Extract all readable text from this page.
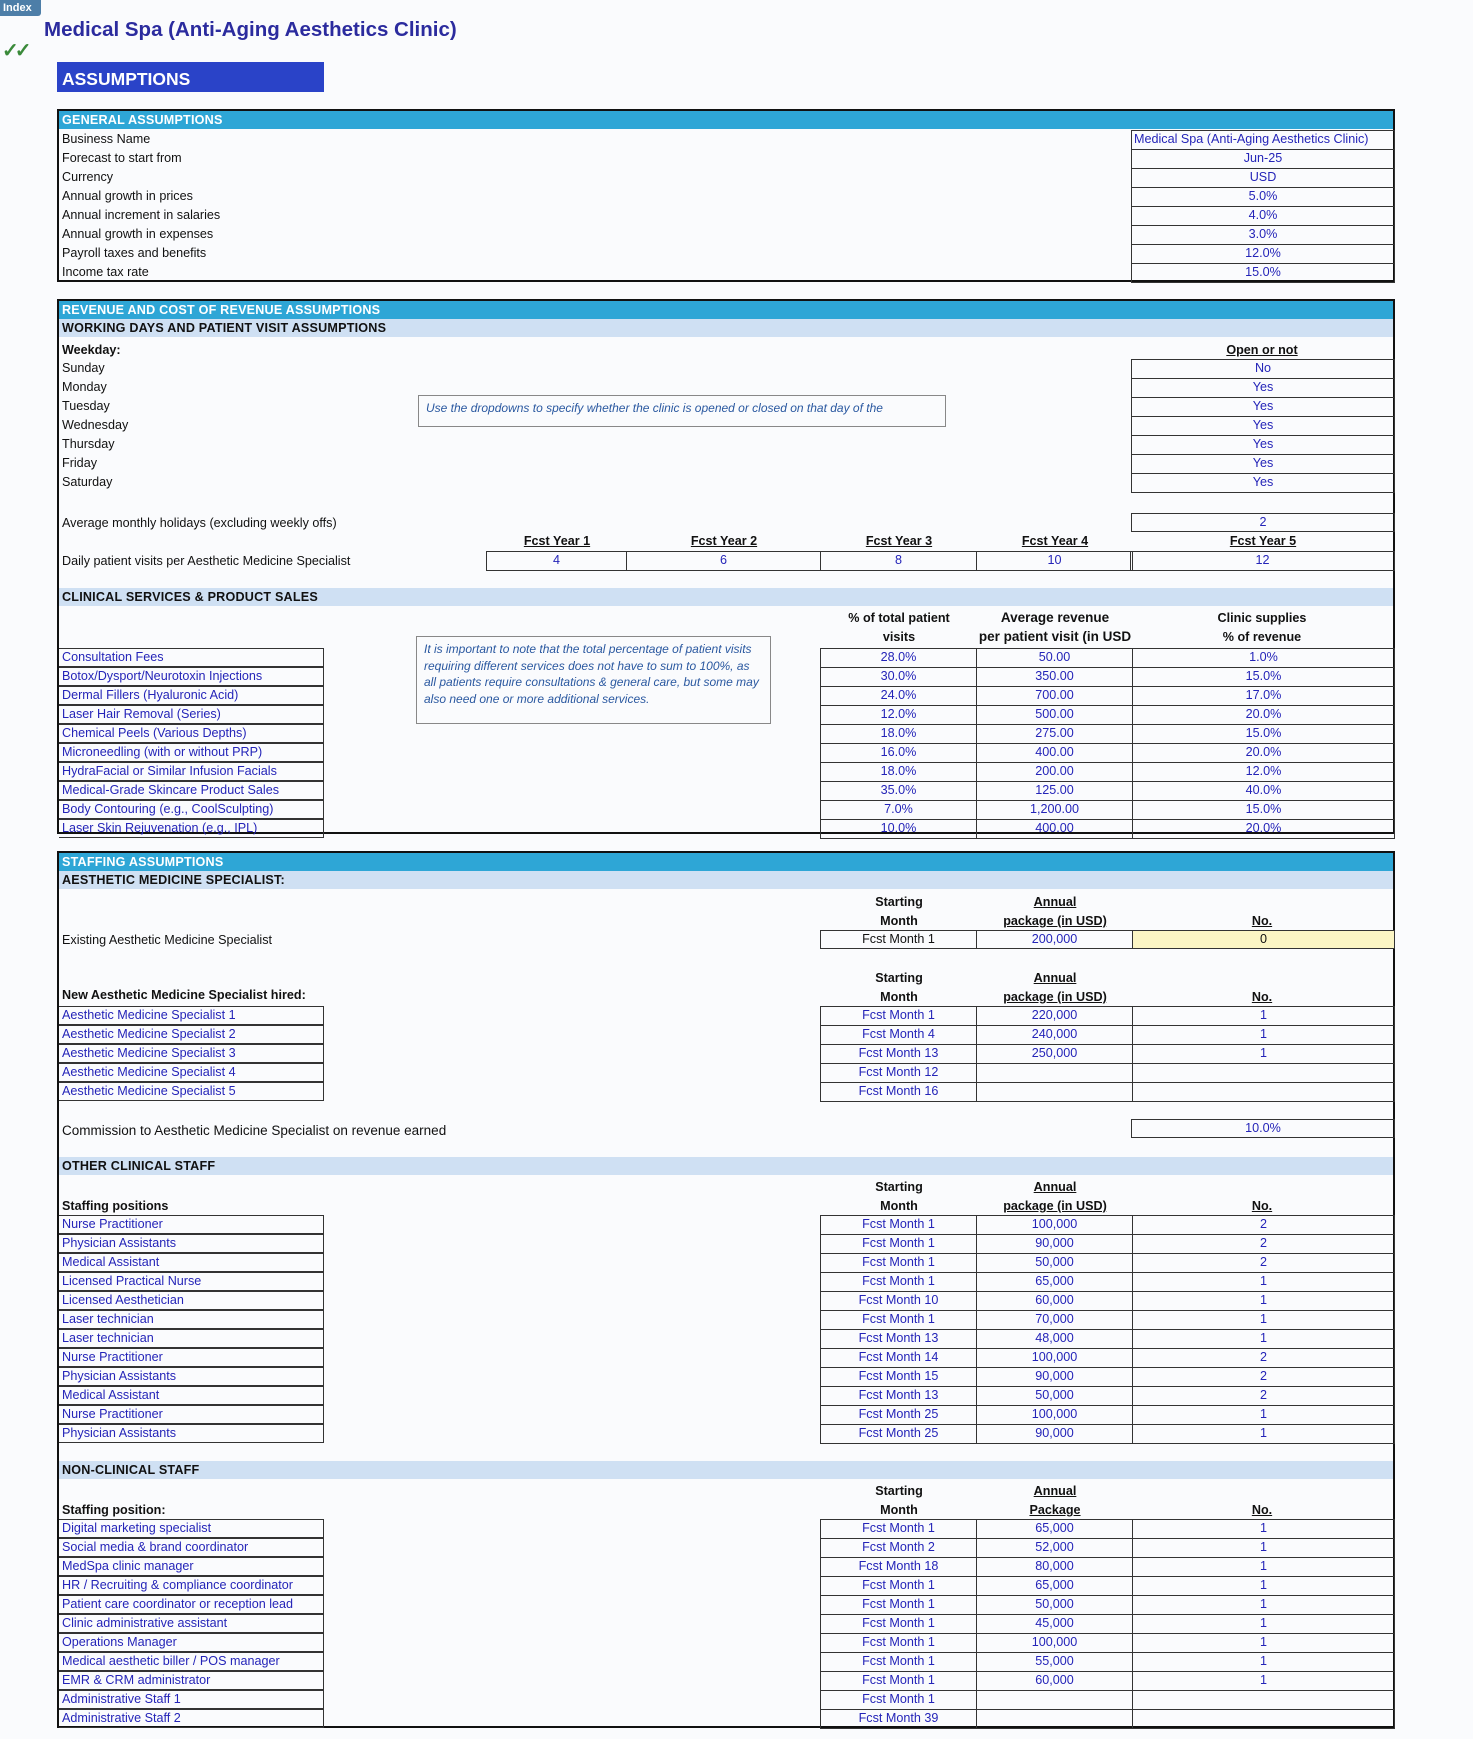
Index
✓✓
Medical Spa (Anti-Aging Aesthetics Clinic)
ASSUMPTIONS
GENERAL ASSUMPTIONS
Business Name	Medical Spa (Anti-Aging Aesthetics Clinic)
Forecast to start from	Jun-25
Currency	USD
Annual growth in prices	5.0%
Annual increment in salaries	4.0%
Annual growth in expenses	3.0%
Payroll taxes and benefits	12.0%
Income tax rate	15.0%
REVENUE AND COST OF REVENUE ASSUMPTIONS
WORKING DAYS AND PATIENT VISIT ASSUMPTIONS
Weekday:	Open or not
Sunday	No
Monday	Yes
Tuesday	Yes
Wednesday	Yes
Thursday	Yes
Friday	Yes
Saturday	Yes
Use the dropdowns to specify whether the clinic is opened or closed on that day of the
Average monthly holidays (excluding weekly offs)	2
Fcst Year 1	Fcst Year 2	Fcst Year 3	Fcst Year 4	Fcst Year 5
Daily patient visits per Aesthetic Medicine Specialist	4	6	8	10	12
CLINICAL SERVICES & PRODUCT SALES
% of total patient
visits
Average revenue
per patient visit (in USD
Clinic supplies
% of revenue
It is important to note that the total percentage of patient visits requiring different services does not have to sum to 100%, as all patients require consultations & general care, but some may also need one or more additional services.
Consultation Fees	28.0%	50.00	1.0%
Botox/Dysport/Neurotoxin Injections	30.0%	350.00	15.0%
Dermal Fillers (Hyaluronic Acid)	24.0%	700.00	17.0%
Laser Hair Removal (Series)	12.0%	500.00	20.0%
Chemical Peels (Various Depths)	18.0%	275.00	15.0%
Microneedling (with or without PRP)	16.0%	400.00	20.0%
HydraFacial or Similar Infusion Facials	18.0%	200.00	12.0%
Medical-Grade Skincare Product Sales	35.0%	125.00	40.0%
Body Contouring (e.g., CoolSculpting)	7.0%	1,200.00	15.0%
Laser Skin Rejuvenation (e.g., IPL)	10.0%	400.00	20.0%
STAFFING ASSUMPTIONS
AESTHETIC MEDICINE SPECIALIST:
Starting
Month
Annual
package (in USD)	No.
Existing Aesthetic Medicine Specialist	Fcst Month 1	200,000	0
Starting
Month
Annual
package (in USD)	No.
New Aesthetic Medicine Specialist hired:
Aesthetic Medicine Specialist 1	Fcst Month 1	220,000	1
Aesthetic Medicine Specialist 2	Fcst Month 4	240,000	1
Aesthetic Medicine Specialist 3	Fcst Month 13	250,000	1
Aesthetic Medicine Specialist 4	Fcst Month 12
Aesthetic Medicine Specialist 5	Fcst Month 16
Commission to Aesthetic Medicine Specialist on revenue earned	10.0%
OTHER CLINICAL STAFF
Starting
Month
Annual
package (in USD)	No.
Staffing positions
Nurse Practitioner	Fcst Month 1	100,000	2
Physician Assistants	Fcst Month 1	90,000	2
Medical Assistant	Fcst Month 1	50,000	2
Licensed Practical Nurse	Fcst Month 1	65,000	1
Licensed Aesthetician	Fcst Month 10	60,000	1
Laser technician	Fcst Month 1	70,000	1
Laser technician	Fcst Month 13	48,000	1
Nurse Practitioner	Fcst Month 14	100,000	2
Physician Assistants	Fcst Month 15	90,000	2
Medical Assistant	Fcst Month 13	50,000	2
Nurse Practitioner	Fcst Month 25	100,000	1
Physician Assistants	Fcst Month 25	90,000	1
NON-CLINICAL STAFF
Starting
Month
Annual
Package	No.
Staffing position:
Digital marketing specialist	Fcst Month 1	65,000	1
Social media & brand coordinator	Fcst Month 2	52,000	1
MedSpa clinic manager	Fcst Month 18	80,000	1
HR / Recruiting & compliance coordinator	Fcst Month 1	65,000	1
Patient care coordinator or reception lead	Fcst Month 1	50,000	1
Clinic administrative assistant	Fcst Month 1	45,000	1
Operations Manager	Fcst Month 1	100,000	1
Medical aesthetic biller / POS manager	Fcst Month 1	55,000	1
EMR & CRM administrator	Fcst Month 1	60,000	1
Administrative Staff 1	Fcst Month 1
Administrative Staff 2	Fcst Month 39
